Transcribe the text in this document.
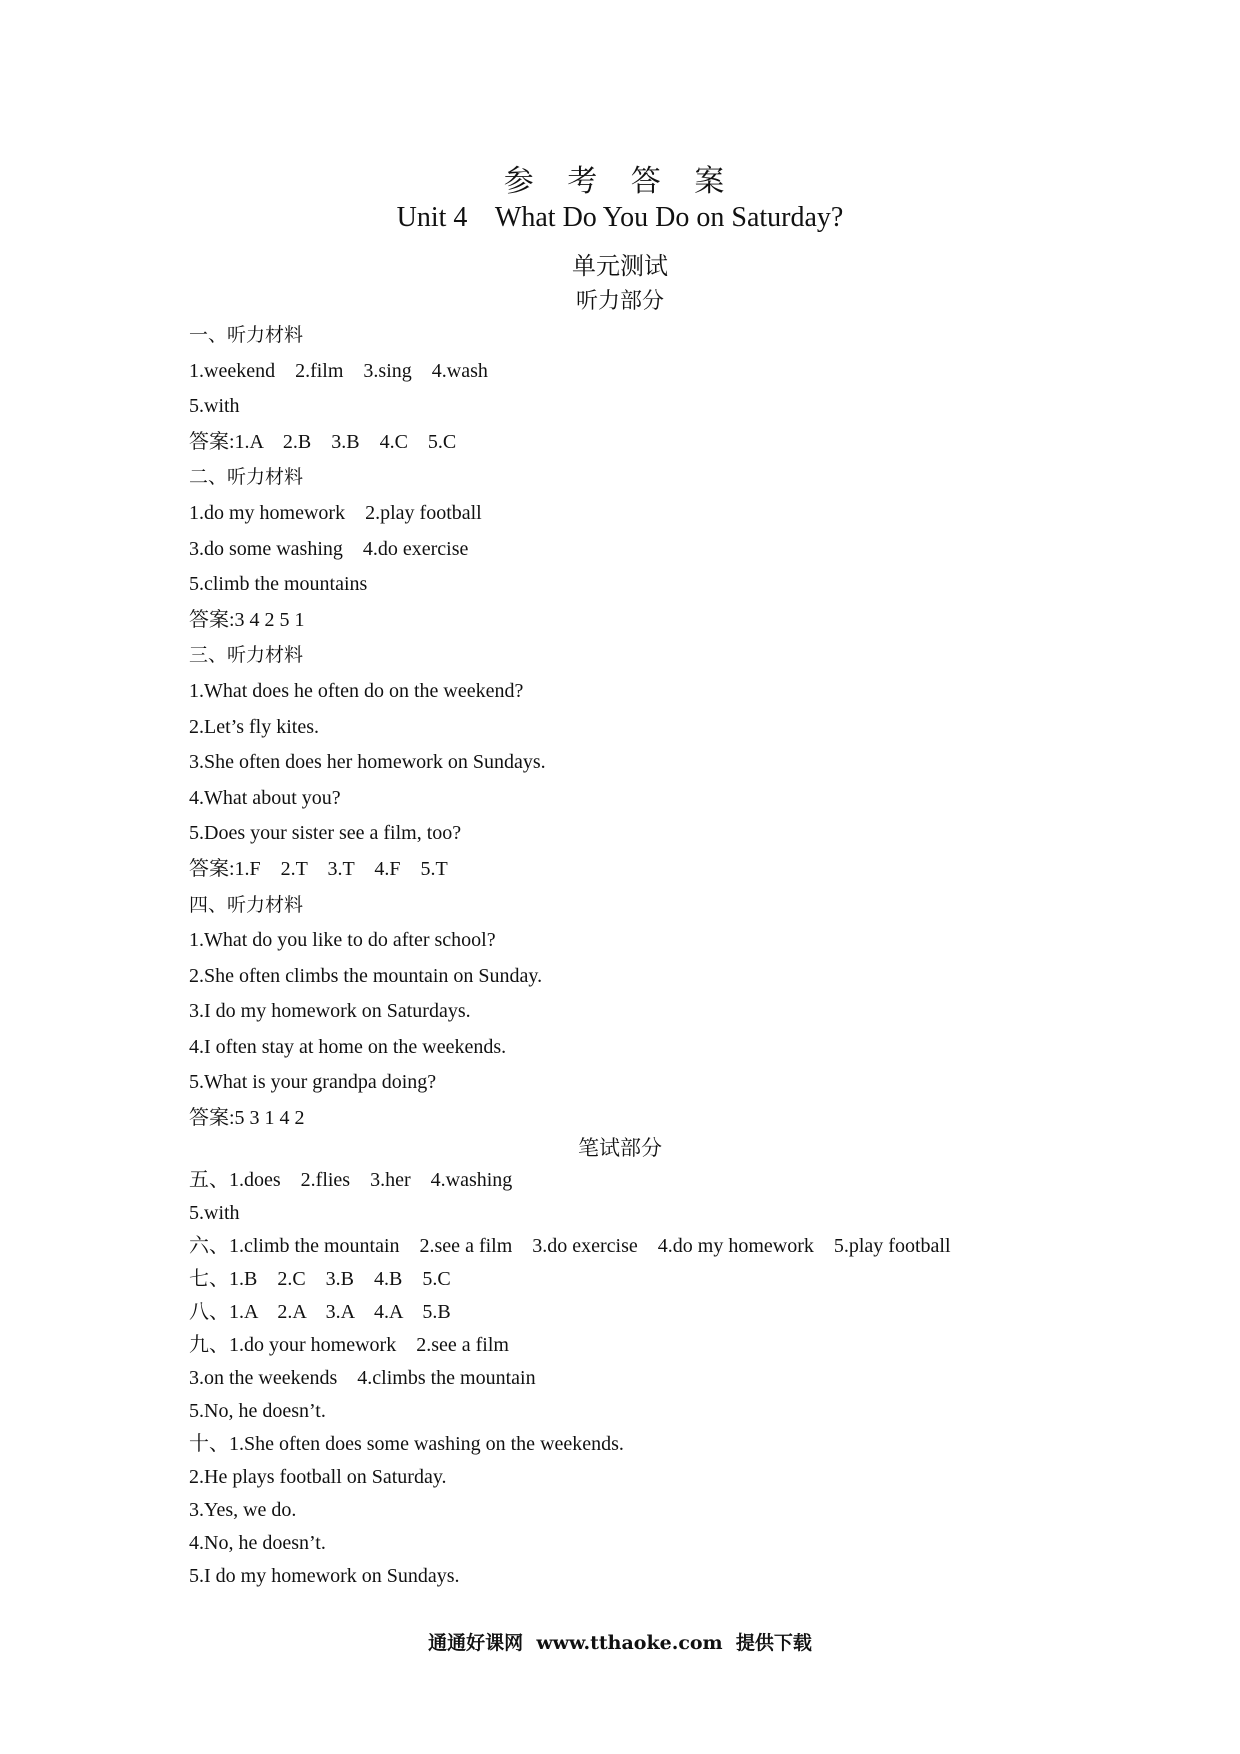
参 考 答 案
Unit 4    What Do You Do on Saturday?
单元测试
听力部分
一、听力材料
1.weekend    2.film    3.sing    4.wash
5.with
答案:1.A    2.B    3.B    4.C    5.C
二、听力材料
1.do my homework    2.play football
3.do some washing    4.do exercise
5.climb the mountains
答案:3 4 2 5 1
三、听力材料
1.What does he often do on the weekend?
2.Let’s fly kites.
3.She often does her homework on Sundays.
4.What about you?
5.Does your sister see a film, too?
答案:1.F    2.T    3.T    4.F    5.T
四、听力材料
1.What do you like to do after school?
2.She often climbs the mountain on Sunday.
3.I do my homework on Saturdays.
4.I often stay at home on the weekends.
5.What is your grandpa doing?
答案:5 3 1 4 2
笔试部分
五、1.does    2.flies    3.her    4.washing
5.with
六、1.climb the mountain    2.see a film    3.do exercise    4.do my homework    5.play football
七、1.B    2.C    3.B    4.B    5.C
八、1.A    2.A    3.A    4.A    5.B
九、1.do your homework    2.see a film
3.on the weekends    4.climbs the mountain
5.No, he doesn’t.
十、1.She often does some washing on the weekends.
2.He plays football on Saturday.
3.Yes, we do.
4.No, he doesn’t.
5.I do my homework on Sundays.
通通好课网  www.tthaoke.com  提供下载
